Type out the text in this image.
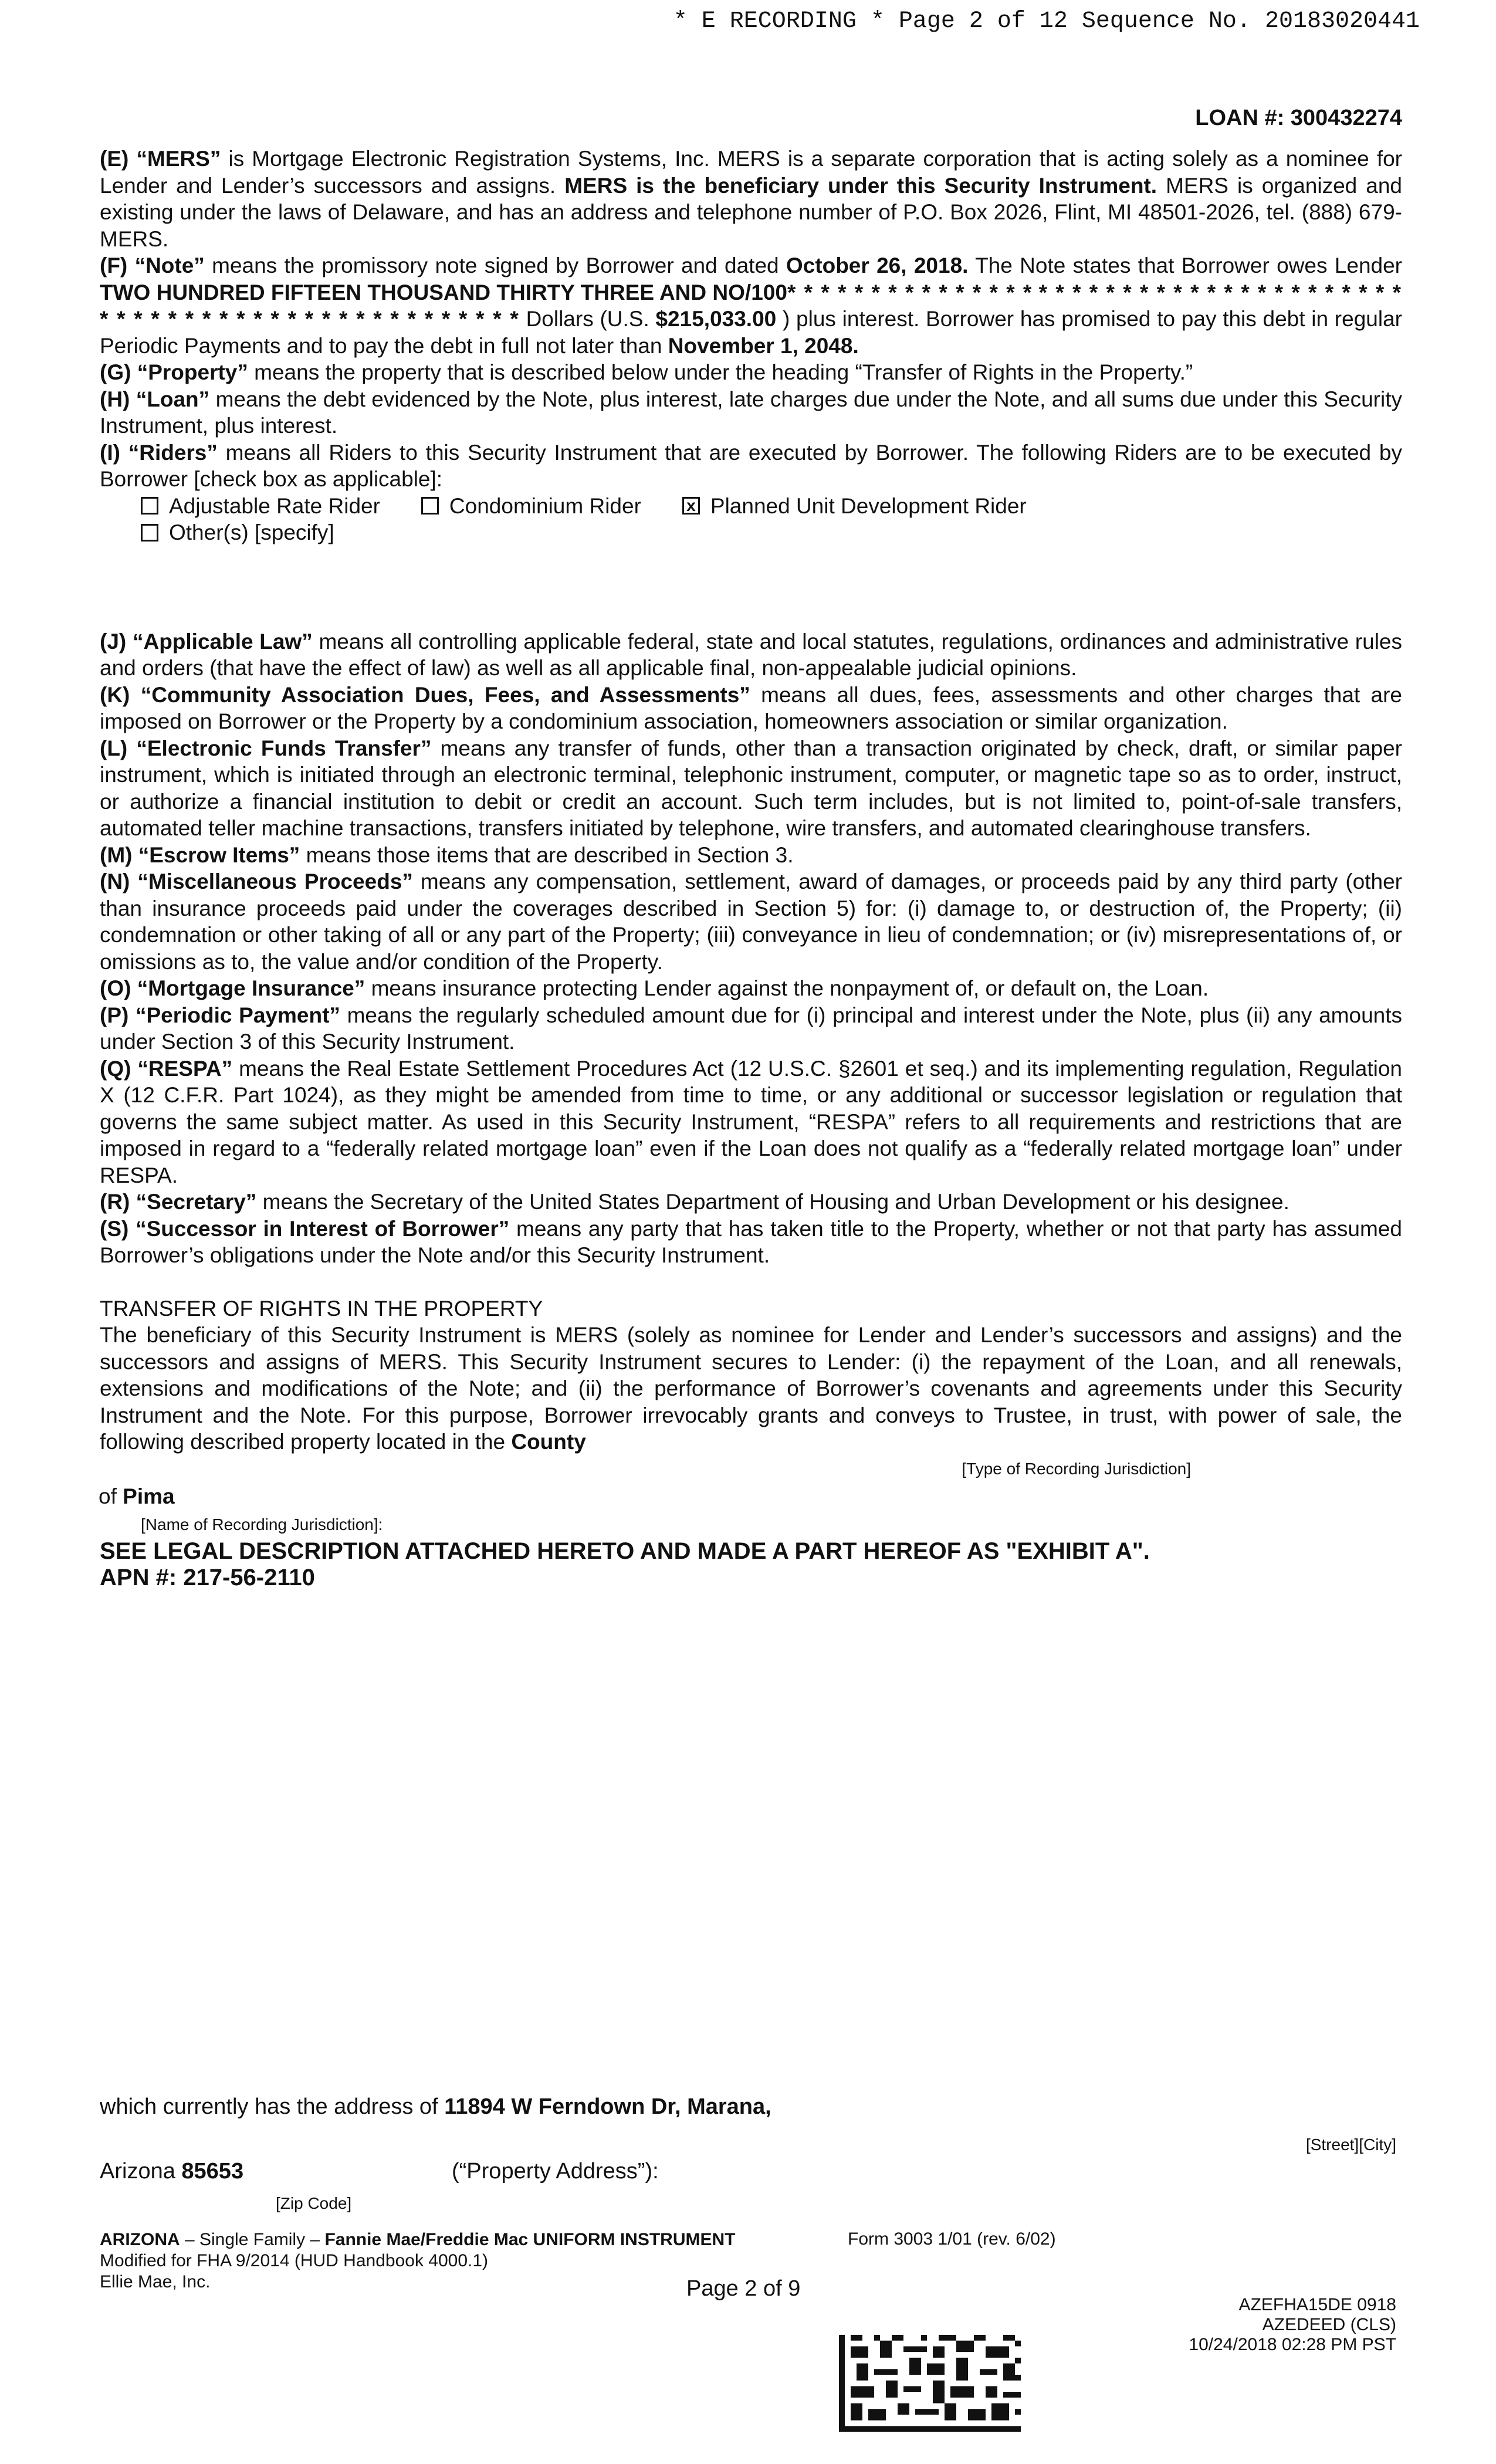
* E RECORDING * Page 2 of 12 Sequence No. 20183020441
LOAN #: 300432274

(E) “MERS” is Mortgage Electronic Registration Systems, Inc. MERS is a separate corporation that is acting solely as a nominee for Lender and Lender’s successors and assigns. MERS is the beneficiary under this Security Instrument. MERS is organized and existing under the laws of Delaware, and has an address and telephone number of P.O. Box 2026, Flint, MI 48501-2026, tel. (888) 679-MERS.

(F) “Note” means the promissory note signed by Borrower and dated October 26, 2018. The Note states that Borrower owes Lender TWO HUNDRED FIFTEEN THOUSAND THIRTY THREE AND NO/100* * * * * * * * * * * * * * * * * * * * * * * * * * * * * * * * * * * * * * * * * * * * * * * * * * * * * * * * * * * * * * Dollars (U.S. $215,033.00 ) plus interest. Borrower has promised to pay this debt in regular Periodic Payments and to pay the debt in full not later than November 1, 2048.

(G) “Property” means the property that is described below under the heading “Transfer of Rights in the Property.”

(H) “Loan” means the debt evidenced by the Note, plus interest, late charges due under the Note, and all sums due under this Security Instrument, plus interest.

(I) “Riders” means all Riders to this Security Instrument that are executed by Borrower. The following Riders are to be executed by Borrower [check box as applicable]:

Adjustable Rate Rider	Condominium Rider	x Planned Unit Development Rider
Other(s) [specify]

(J) “Applicable Law” means all controlling applicable federal, state and local statutes, regulations, ordinances and administrative rules and orders (that have the effect of law) as well as all applicable final, non-appealable judicial opinions.

(K) “Community Association Dues, Fees, and Assessments” means all dues, fees, assessments and other charges that are imposed on Borrower or the Property by a condominium association, homeowners association or similar organization.

(L) “Electronic Funds Transfer” means any transfer of funds, other than a transaction originated by check, draft, or similar paper instrument, which is initiated through an electronic terminal, telephonic instrument, computer, or magnetic tape so as to order, instruct, or authorize a financial institution to debit or credit an account. Such term includes, but is not limited to, point-of-sale transfers, automated teller machine transactions, transfers initiated by telephone, wire transfers, and automated clearinghouse transfers.

(M) “Escrow Items” means those items that are described in Section 3.

(N) “Miscellaneous Proceeds” means any compensation, settlement, award of damages, or proceeds paid by any third party (other than insurance proceeds paid under the coverages described in Section 5) for: (i) damage to, or destruction of, the Property; (ii) condemnation or other taking of all or any part of the Property; (iii) conveyance in lieu of condemnation; or (iv) misrepresentations of, or omissions as to, the value and/or condition of the Property.

(O) “Mortgage Insurance” means insurance protecting Lender against the nonpayment of, or default on, the Loan.

(P) “Periodic Payment” means the regularly scheduled amount due for (i) principal and interest under the Note, plus (ii) any amounts under Section 3 of this Security Instrument.

(Q) “RESPA” means the Real Estate Settlement Procedures Act (12 U.S.C. §2601 et seq.) and its implementing regulation, Regulation X (12 C.F.R. Part 1024), as they might be amended from time to time, or any additional or successor legislation or regulation that governs the same subject matter. As used in this Security Instrument, “RESPA” refers to all requirements and restrictions that are imposed in regard to a “federally related mortgage loan” even if the Loan does not qualify as a “federally related mortgage loan” under RESPA.

(R) “Secretary” means the Secretary of the United States Department of Housing and Urban Development or his designee.

(S) “Successor in Interest of Borrower” means any party that has taken title to the Property, whether or not that party has assumed Borrower’s obligations under the Note and/or this Security Instrument.

TRANSFER OF RIGHTS IN THE PROPERTY

The beneficiary of this Security Instrument is MERS (solely as nominee for Lender and Lender’s successors and assigns) and the successors and assigns of MERS. This Security Instrument secures to Lender: (i) the repayment of the Loan, and all renewals, extensions and modifications of the Note; and (ii) the performance of Borrower’s covenants and agreements under this Security Instrument and the Note. For this purpose, Borrower irrevocably grants and conveys to Trustee, in trust, with power of sale, the following described property located in the County

[Type of Recording Jurisdiction]

of Pima

[Name of Recording Jurisdiction]:

SEE LEGAL DESCRIPTION ATTACHED HERETO AND MADE A PART HEREOF AS "EXHIBIT A".

APN #: 217-56-2110

which currently has the address of 11894 W Ferndown Dr, Marana,
[Street][City]
Arizona 85653	(“Property Address”):
[Zip Code]
ARIZONA – Single Family – Fannie Mae/Freddie Mac UNIFORM INSTRUMENT
Modified for FHA 9/2014 (HUD Handbook 4000.1)
Ellie Mae, Inc.
Form 3003 1/01 (rev. 6/02)
Page 2 of 9
AZEFHA15DE 0918
AZEDEED (CLS)
10/24/2018 02:28 PM PST
